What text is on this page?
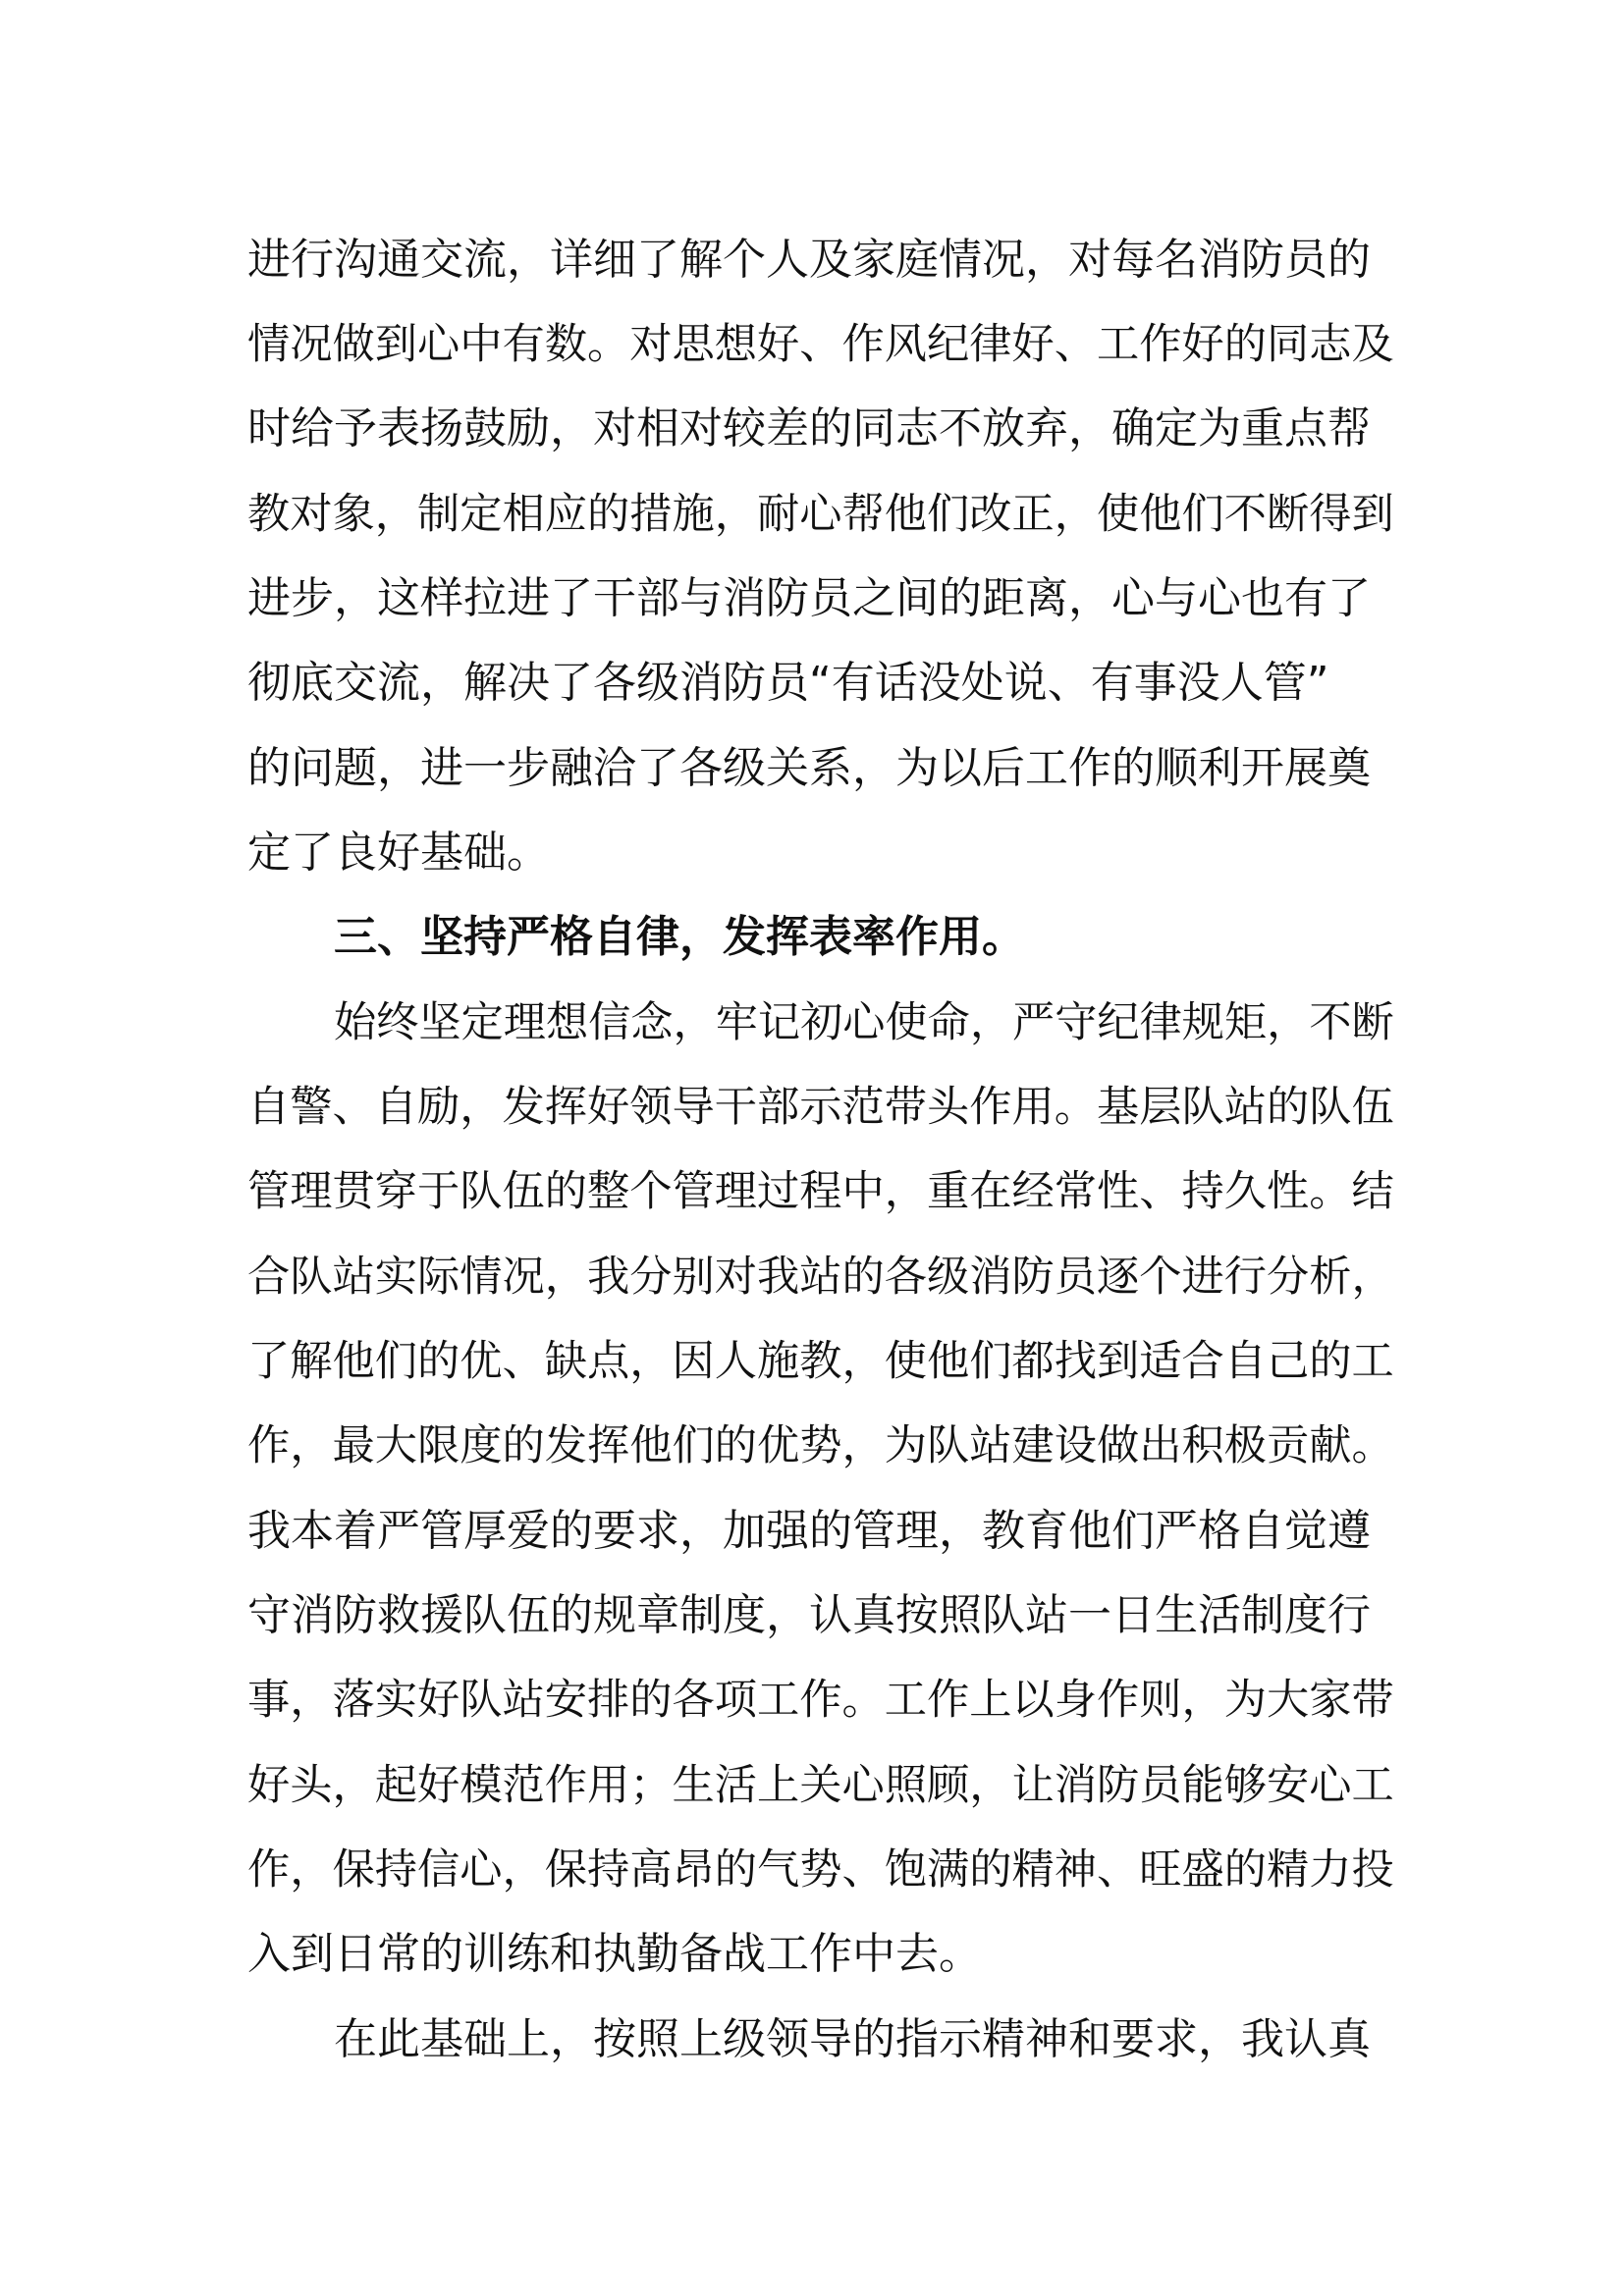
进行沟通交流，详细了解个人及家庭情况，对每名消防员的
情况做到心中有数。对思想好、作风纪律好、工作好的同志及
时给予表扬鼓励，对相对较差的同志不放弃，确定为重点帮
教对象，制定相应的措施，耐心帮他们改正，使他们不断得到
进步，这样拉进了干部与消防员之间的距离，心与心也有了
彻底交流，解决了各级消防员“有话没处说、有事没人管”
的问题，进一步融洽了各级关系，为以后工作的顺利开展奠
定了良好基础。
三、坚持严格自律，发挥表率作用。
始终坚定理想信念，牢记初心使命，严守纪律规矩，不断
自警、自励，发挥好领导干部示范带头作用。基层队站的队伍
管理贯穿于队伍的整个管理过程中，重在经常性、持久性。结
合队站实际情况，我分别对我站的各级消防员逐个进行分析，
了解他们的优、缺点，因人施教，使他们都找到适合自己的工
作，最大限度的发挥他们的优势，为队站建设做出积极贡献。
我本着严管厚爱的要求，加强的管理，教育他们严格自觉遵
守消防救援队伍的规章制度，认真按照队站一日生活制度行
事，落实好队站安排的各项工作。工作上以身作则，为大家带
好头，起好模范作用；生活上关心照顾，让消防员能够安心工
作，保持信心，保持高昂的气势、饱满的精神、旺盛的精力投
入到日常的训练和执勤备战工作中去。
在此基础上，按照上级领导的指示精神和要求，我认真
